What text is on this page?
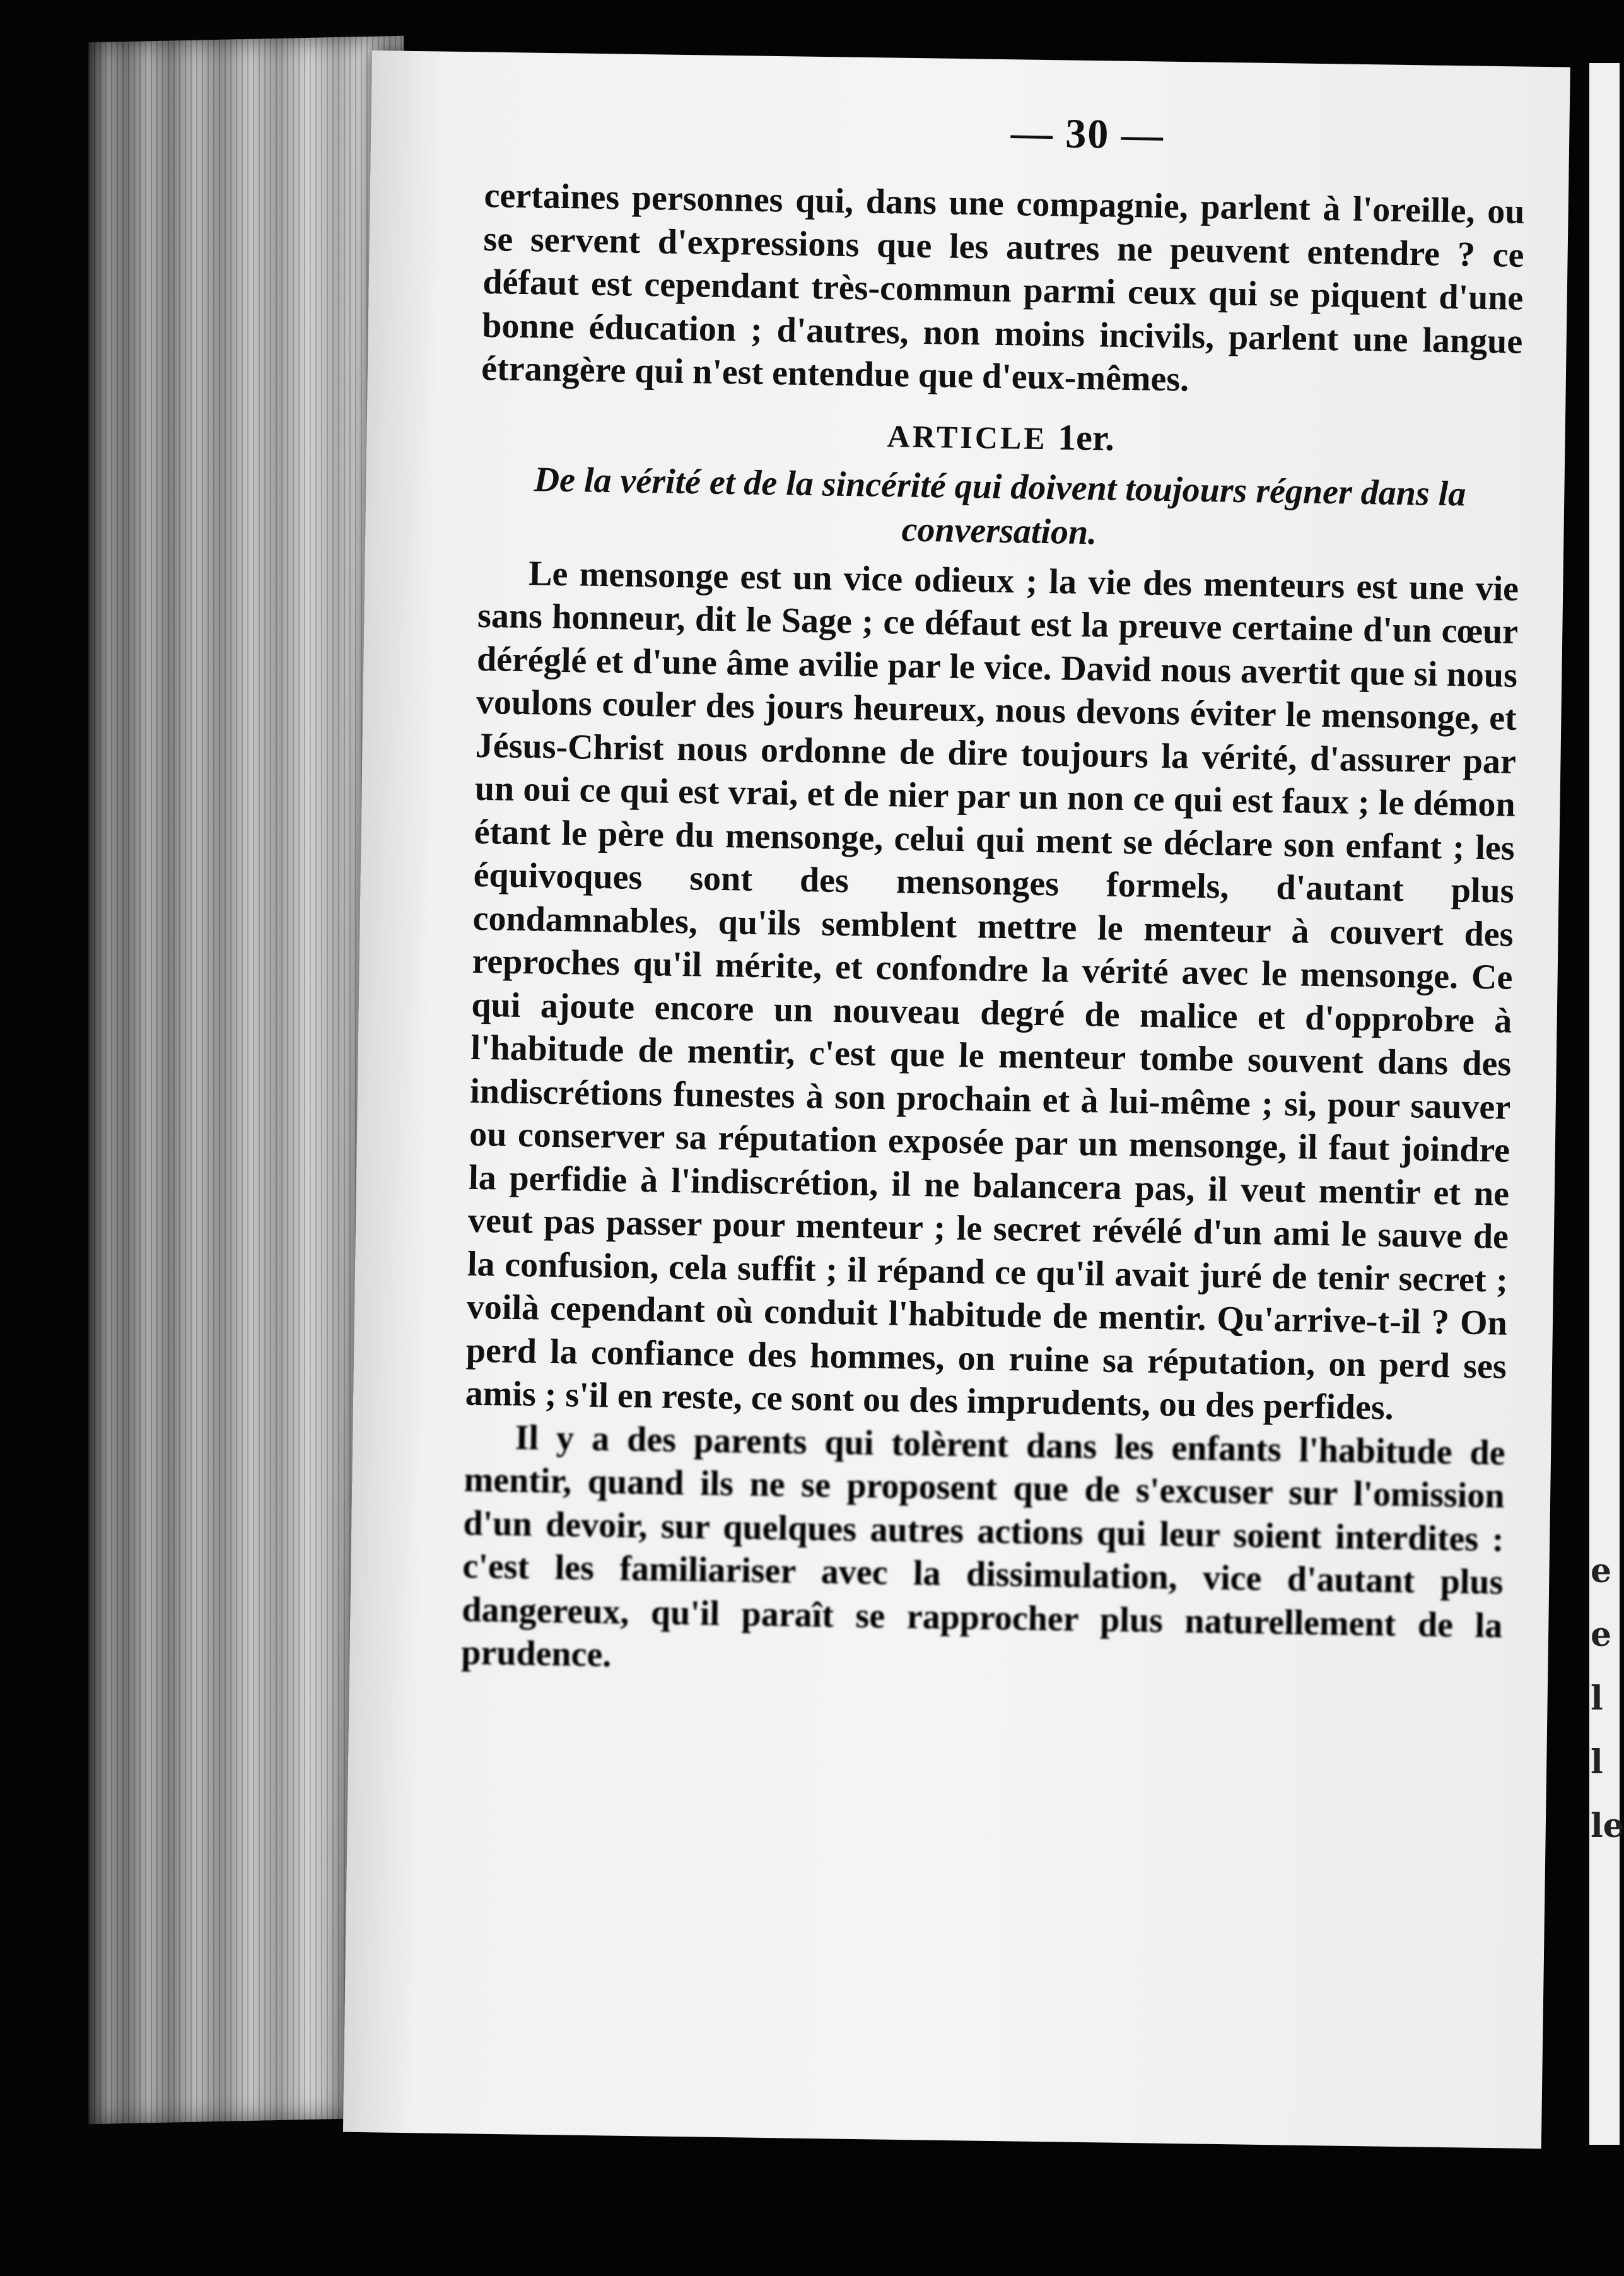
e
e
l
l
le
— 30 —

certaines personnes qui, dans une compagnie, parlent à l'oreille, ou se servent d'expressions que les autres ne peuvent entendre ? ce défaut est cependant très-commun parmi ceux qui se piquent d'une bonne éducation ; d'autres, non moins incivils, parlent une langue étrangère qui n'est entendue que d'eux-mêmes.

ARTICLE 1er.
De la vérité et de la sincérité qui doivent toujours régner dans la conversation.

Le mensonge est un vice odieux ; la vie des menteurs est une vie sans honneur, dit le Sage ; ce défaut est la preuve certaine d'un cœur déréglé et d'une âme avilie par le vice. David nous avertit que si nous voulons couler des jours heureux, nous devons éviter le mensonge, et Jésus-Christ nous ordonne de dire toujours la vérité, d'assurer par un oui ce qui est vrai, et de nier par un non ce qui est faux ; le démon étant le père du mensonge, celui qui ment se déclare son enfant ; les équivoques sont des mensonges formels, d'autant plus condamnables, qu'ils semblent mettre le menteur à couvert des reproches qu'il mérite, et confondre la vérité avec le mensonge. Ce qui ajoute encore un nouveau degré de malice et d'opprobre à l'habitude de mentir, c'est que le menteur tombe souvent dans des indiscrétions funestes à son prochain et à lui-même ; si, pour sauver ou conserver sa réputation exposée par un mensonge, il faut joindre la perfidie à l'indiscrétion, il ne balancera pas, il veut mentir et ne veut pas passer pour menteur ; le secret révélé d'un ami le sauve de la confusion, cela suffit ; il répand ce qu'il avait juré de tenir secret ; voilà cependant où conduit l'habitude de mentir. Qu'arrive-t-il ? On perd la confiance des hommes, on ruine sa réputation, on perd ses amis ; s'il en reste, ce sont ou des imprudents, ou des perfides.

Il y a des parents qui tolèrent dans les enfants l'habitude de mentir, quand ils ne se proposent que de s'excuser sur l'omission d'un devoir, sur quelques autres actions qui leur soient interdites : c'est les familiariser avec la dissimulation, vice d'autant plus dangereux, qu'il paraît se rapprocher plus naturellement de la prudence.
